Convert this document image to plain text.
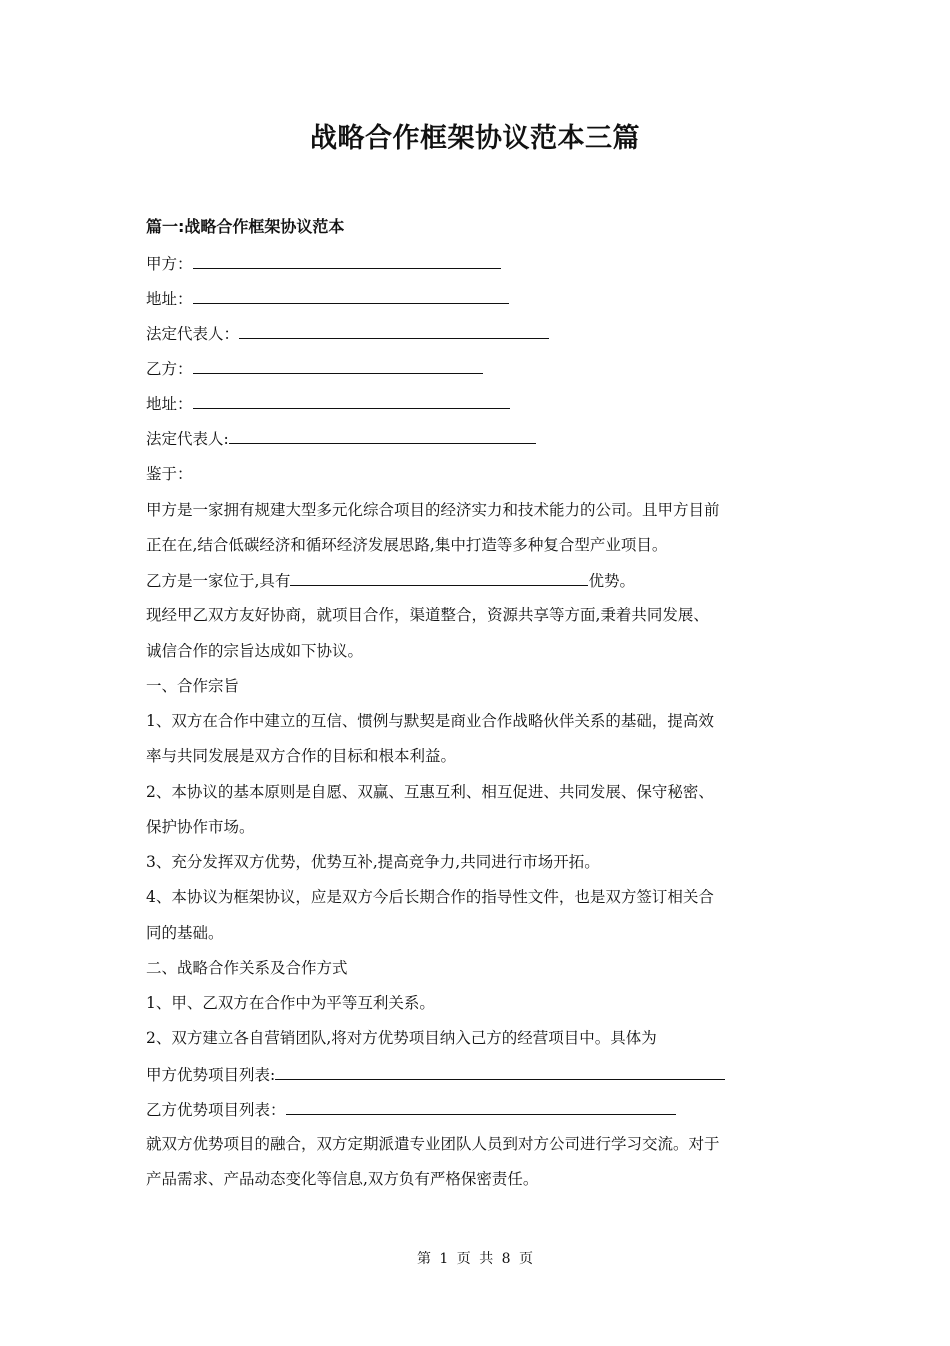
战略合作框架协议范本三篇
篇一:战略合作框架协议范本
甲方：
地址：
法定代表人：
乙方：
地址：
法定代表人:
鉴于：
甲方是一家拥有规建大型多元化综合项目的经济实力和技术能力的公司。且甲方目前
正在在,结合低碳经济和循环经济发展思路,集中打造等多种复合型产业项目。
乙方是一家位于,具有	优势。
现经甲乙双方友好协商，就项目合作，渠道整合，资源共享等方面,秉着共同发展、
诚信合作的宗旨达成如下协议。
一、合作宗旨
1、双方在合作中建立的互信、惯例与默契是商业合作战略伙伴关系的基础，提高效
率与共同发展是双方合作的目标和根本利益。
2、本协议的基本原则是自愿、双赢、互惠互利、相互促进、共同发展、保守秘密、
保护协作市场。
3、充分发挥双方优势，优势互补,提高竞争力,共同进行市场开拓。
4、本协议为框架协议，应是双方今后长期合作的指导性文件，也是双方签订相关合
同的基础。
二、战略合作关系及合作方式
1、甲、乙双方在合作中为平等互利关系。
2、双方建立各自营销团队,将对方优势项目纳入己方的经营项目中。具体为
甲方优势项目列表:
乙方优势项目列表：
就双方优势项目的融合，双方定期派遣专业团队人员到对方公司进行学习交流。对于
产品需求、产品动态变化等信息,双方负有严格保密责任。
第 1 页 共 8 页
